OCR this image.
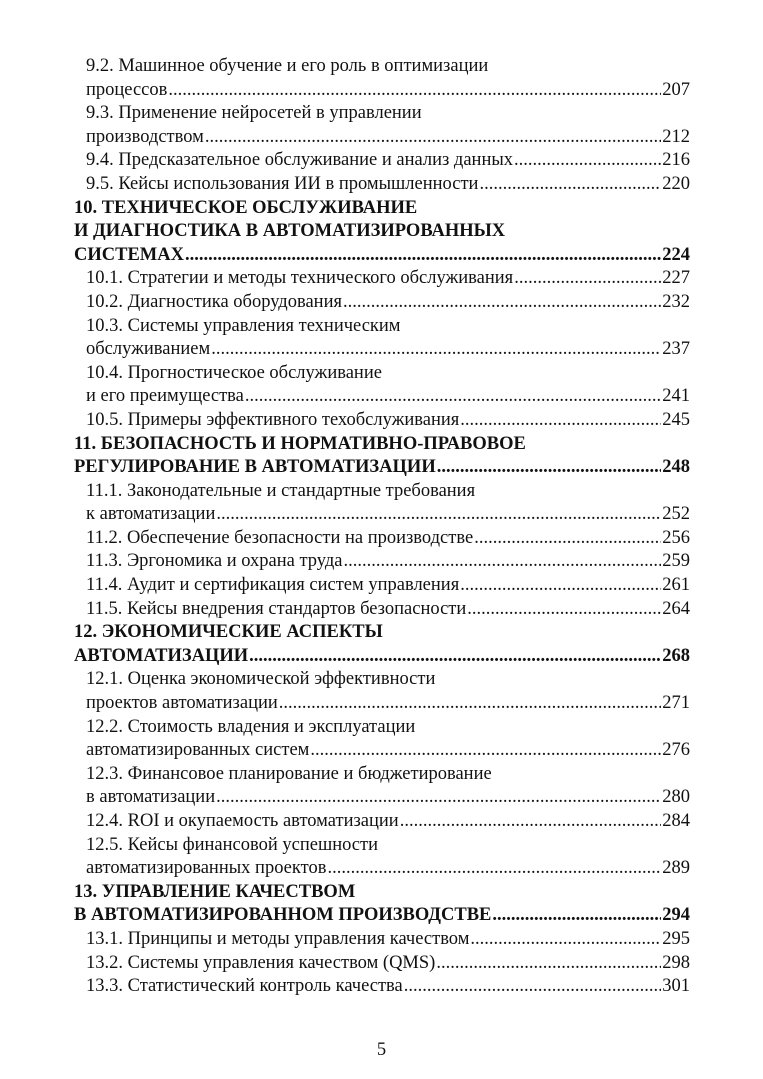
9.2. Машинное обучение и его роль в оптимизации
процессов .....	207
9.3. Применение нейросетей в управлении
производством .....	212
9.4. Предсказательное обслуживание и анализ данных .....	216
9.5. Кейсы использования ИИ в промышленности .....	220
10. ТЕХНИЧЕСКОЕ ОБСЛУЖИВАНИЕ
И ДИАГНОСТИКА В АВТОМАТИЗИРОВАННЫХ
СИСТЕМАХ .....	224
10.1. Стратегии и методы технического обслуживания .....	227
10.2. Диагностика оборудования .....	232
10.3. Системы управления техническим
обслуживанием .....	237
10.4. Прогностическое обслуживание
и его преимущества .....	241
10.5. Примеры эффективного техобслуживания .....	245
11. БЕЗОПАСНОСТЬ И НОРМАТИВНО-ПРАВОВОЕ
РЕГУЛИРОВАНИЕ В АВТОМАТИЗАЦИИ .....	248
11.1. Законодательные и стандартные требования
к автоматизации .....	252
11.2. Обеспечение безопасности на производстве .....	256
11.3. Эргономика и охрана труда .....	259
11.4. Аудит и сертификация систем управления .....	261
11.5. Кейсы внедрения стандартов безопасности .....	264
12. ЭКОНОМИЧЕСКИЕ АСПЕКТЫ
АВТОМАТИЗАЦИИ .....	268
12.1. Оценка экономической эффективности
проектов автоматизации .....	271
12.2. Стоимость владения и эксплуатации
автоматизированных систем .....	276
12.3. Финансовое планирование и бюджетирование
в автоматизации .....	280
12.4. ROI и окупаемость автоматизации .....	284
12.5. Кейсы финансовой успешности
автоматизированных проектов .....	289
13. УПРАВЛЕНИЕ КАЧЕСТВОМ
В АВТОМАТИЗИРОВАННОМ ПРОИЗВОДСТВЕ .....	294
13.1. Принципы и методы управления качеством .....	295
13.2. Системы управления качеством (QMS) .....	298
13.3. Статистический контроль качества .....	301
5
